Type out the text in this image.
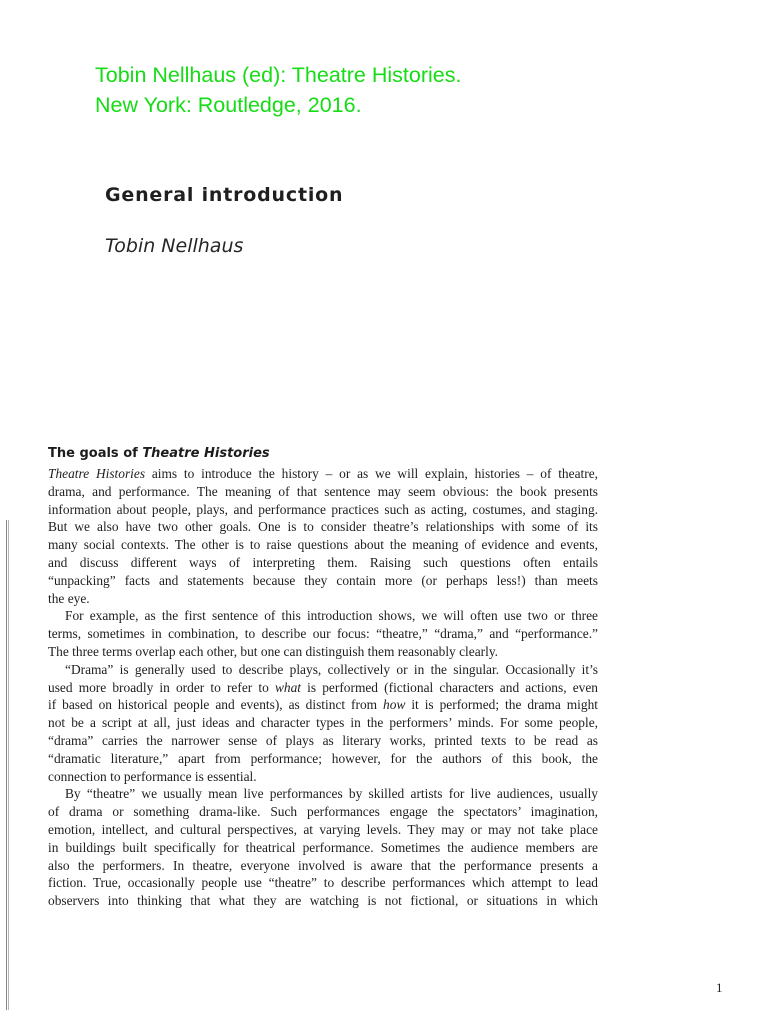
Tobin Nellhaus (ed): Theatre Histories.
New York: Routledge, 2016.
General introduction
Tobin Nellhaus
The goals of Theatre Histories
Theatre Histories aims to introduce the history – or as we will explain, histories – of theatre,
drama, and performance. The meaning of that sentence may seem obvious: the book presents
information about people, plays, and performance practices such as acting, costumes, and staging.
But we also have two other goals. One is to consider theatre’s relationships with some of its
many social contexts. The other is to raise questions about the meaning of evidence and events,
and discuss different ways of interpreting them. Raising such questions often entails
“unpacking” facts and statements because they contain more (or perhaps less!) than meets
the eye.
For example, as the first sentence of this introduction shows, we will often use two or three
terms, sometimes in combination, to describe our focus: “theatre,” “drama,” and “performance.”
The three terms overlap each other, but one can distinguish them reasonably clearly.
“Drama” is generally used to describe plays, collectively or in the singular. Occasionally it’s
used more broadly in order to refer to what is performed (fictional characters and actions, even
if based on historical people and events), as distinct from how it is performed; the drama might
not be a script at all, just ideas and character types in the performers’ minds. For some people,
“drama” carries the narrower sense of plays as literary works, printed texts to be read as
“dramatic literature,” apart from performance; however, for the authors of this book, the
connection to performance is essential.
By “theatre” we usually mean live performances by skilled artists for live audiences, usually
of drama or something drama-like. Such performances engage the spectators’ imagination,
emotion, intellect, and cultural perspectives, at varying levels. They may or may not take place
in buildings built specifically for theatrical performance. Sometimes the audience members are
also the performers. In theatre, everyone involved is aware that the performance presents a
fiction. True, occasionally people use “theatre” to describe performances which attempt to lead
observers into thinking that what they are watching is not fictional, or situations in which
1
